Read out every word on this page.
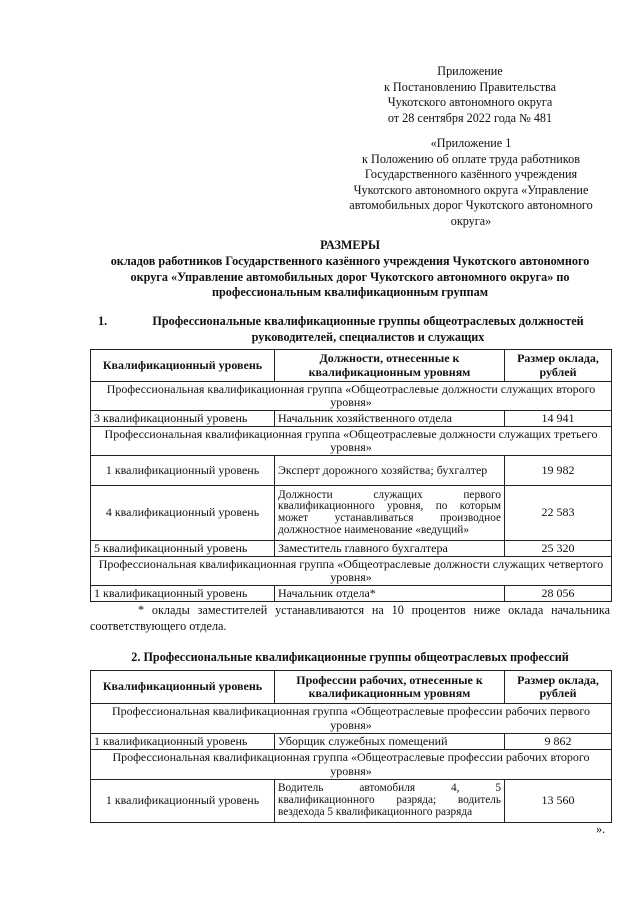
Приложение
к Постановлению Правительства
Чукотского автономного округа
от 28 сентября 2022 года № 481
«Приложение 1
к Положению об оплате труда работников
Государственного казённого учреждения
Чукотского автономного округа «Управление автомобильных дорог Чукотского автономного округа»
РАЗМЕРЫ
окладов работников Государственного казённого учреждения Чукотского автономного округа «Управление автомобильных дорог Чукотского автономного округа» по профессиональным квалификационным группам
1.	Профессиональные квалификационные группы общеотраслевых должностей руководителей, специалистов и служащих
Квалификационный уровень	Должности, отнесенные к квалификационным уровням	Размер оклада, рублей
Профессиональная квалификационная группа «Общеотраслевые должности служащих второго уровня»		
3 квалификационный уровень	Начальник хозяйственного отдела	14 941
Профессиональная квалификационная группа «Общеотраслевые должности служащих третьего уровня»		
1 квалификационный уровень	Эксперт дорожного хозяйства; бухгалтер	19 982
4 квалификационный уровень	Должности служащих первого квалификационного уровня, по которым может устанавливаться производное должностное наименование «ведущий»	22 583
5 квалификационный уровень	Заместитель главного бухгалтера	25 320
Профессиональная квалификационная группа «Общеотраслевые должности служащих четвертого уровня»		
1 квалификационный уровень	Начальник отдела*	28 056
* оклады заместителей устанавливаются на 10 процентов ниже оклада начальника соответствующего отдела.
2. Профессиональные квалификационные группы общеотраслевых профессий
Квалификационный уровень	Профессии рабочих, отнесенные к квалификационным уровням	Размер оклада, рублей
Профессиональная квалификационная группа «Общеотраслевые профессии рабочих первого уровня»		
1 квалификационный уровень	Уборщик служебных помещений	9 862
Профессиональная квалификационная группа «Общеотраслевые профессии рабочих второго уровня»		
1 квалификационный уровень	Водитель автомобиля 4, 5 квалификационного разряда; водитель вездехода 5 квалификационного разряда	13 560
».
